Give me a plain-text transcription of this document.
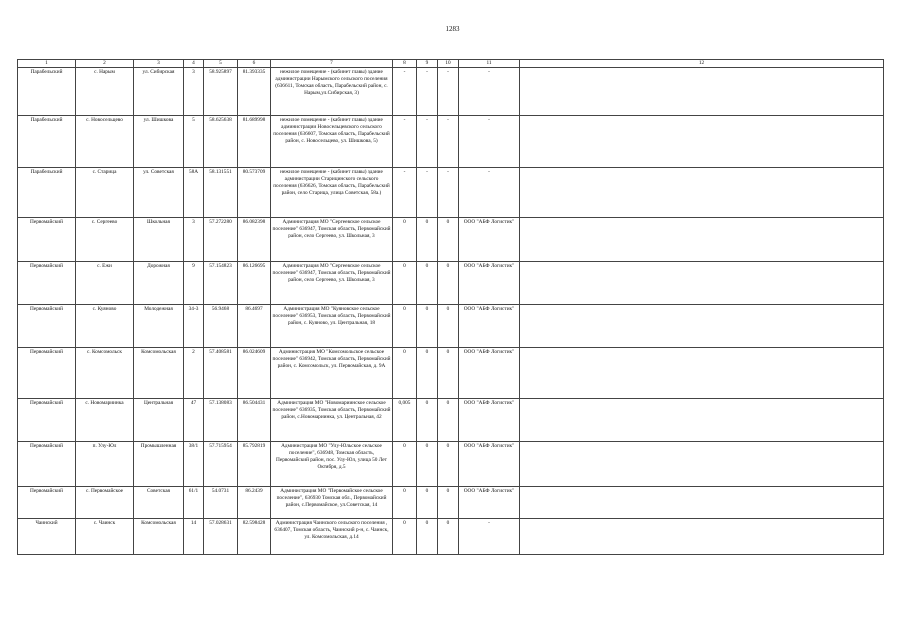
1283
1	2	3	4	5	6	7	8	9	10	11	12
Парабельский	с. Нарым	ул. Сибирская	3	58.925897	81.393335	нежилое помещение - (кабинет главы) здание администрации Нарымского сельского поселения (636611, Томская область, Парабельский район, с. Нарым,ул.Сибирская, 3)	-	-	-	-	
Парабельский	с. Новосельцево	ул. Шишкова	5	58.625638	81.689998	нежилое помещение - (кабинет главы) здание администрации Новосельцевского сельского поселения (636607, Томская область, Парабельский район, с. Новосельцево, ул. Шишкова, 5)	-	-	-	-	
Парабельский	с. Старица	ул. Советская	58А	58.131551	80.573709	нежилое помещение - (кабинет главы) здание администрации Старицинского сельского поселения (636626, Томская область, Парабельский район, село Старица, улица Советская, 58а.)	-	-	-	-	
Первомайский	с. Сергеево	Школьная	3	57.272280	86.082398	Администрация МО "Сергеевское сельское поселение" 636947, Томская область, Первомайский район, село Сергеево, ул. Школьная, 3	0	0	0	ООО "АБФ Логистик"	
Первомайский	с. Ежи	Дорожная	9	57.154823	86.126695	Администрация МО "Сергеевское сельское поселение" 636947, Томская область, Первомайский район, село Сергеево, ул. Школьная, 3	0	0	0	ООО "АБФ Логистик"	
Первомайский	с. Куяново	Молодежная	34-3	56.9468	86.4697	Администрация МО "Куяновское сельское поселение" 636953, Томская область, Первомайский район, с. Куяново, ул. Центральная, 18	0	0	0	ООО "АБФ Логистик"	
Первомайский	с. Комсомольск	Комсомольская	2	57.408581	86.024609	Администрация МО "Комсомольское сельское поселение" 636942, Томская область, Первомайский район, с. Комсомольск, ул. Первомайская, д. 9А	0	0	0	ООО "АБФ Логистик"	
Первомайский	с. Новомариинка	Центральная	47	57.138083	86.504431	Администрация МО "Новомариинское сельское поселение" 636935, Томская область, Первомайский район, с.Новомариинка, ул. Центральная, 42	0,005	0	0	ООО "АБФ Логистик"	
Первомайский	п. Улу-Юл	Промышленная	38/1	57.715954	85.792819	Администрация МО "Улу-Юльское сельское поселение", 636948, Томская область, Первомайский район, пос. Улу-Юл, улица 50 Лет Октября, д.5	0	0	0	ООО "АБФ Логистик"	
Первомайский	с. Первомайское	Советская	61/1	54.0731	86.2439	Администрация МО "Первомайское сельское поселение", 636930 Томская обл., Первомайский район, с.Первомайское, ул.Советская, 14	0	0	0	ООО "АБФ Логистик"	
Чаинский	с. Чаинск	Комсомольская	14	57.028631	82.598428	Администрация Чаинского сельского поселения , 636407, Томская область, Чаинский р-н, с. Чаинск, ул. Комсомольская, д.14	0	0	0	-	
